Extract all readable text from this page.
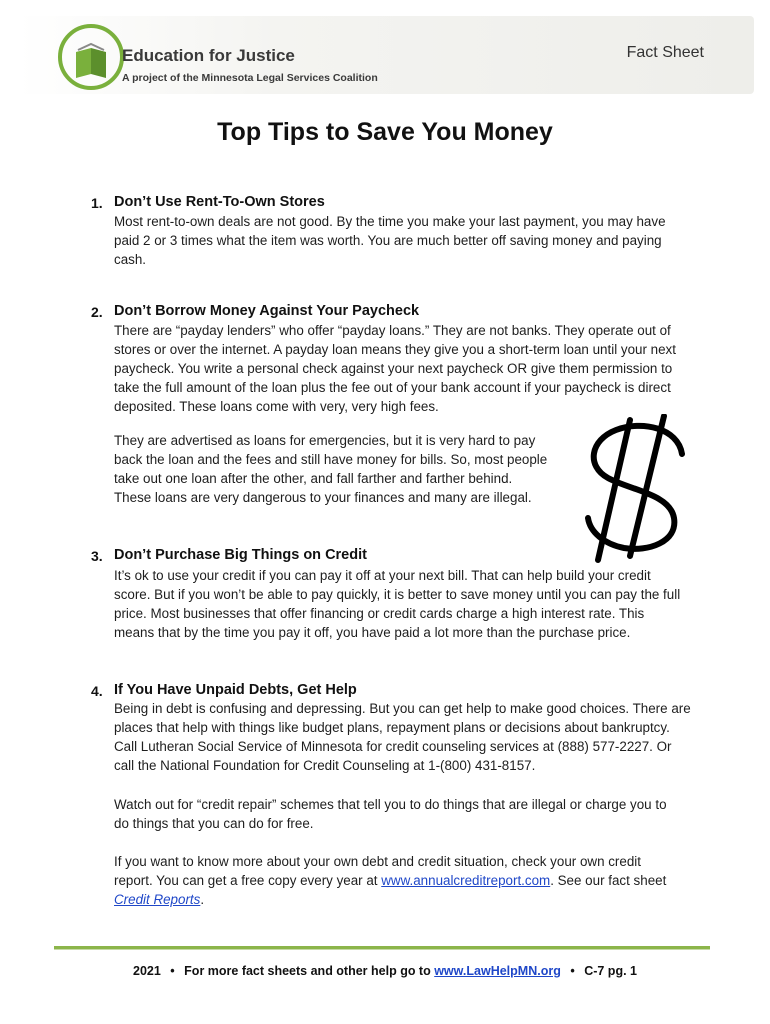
Education for Justice
A project of the Minnesota Legal Services Coalition
Fact Sheet
Top Tips to Save You Money
1. Don’t Use Rent-To-Own Stores
Most rent-to-own deals are not good. By the time you make your last payment, you may have
paid 2 or 3 times what the item was worth. You are much better off saving money and paying
cash.
2. Don’t Borrow Money Against Your Paycheck
There are “payday lenders” who offer “payday loans.” They are not banks. They operate out of
stores or over the internet. A payday loan means they give you a short-term loan until your next
paycheck. You write a personal check against your next paycheck OR give them permission to
take the full amount of the loan plus the fee out of your bank account if your paycheck is direct
deposited. These loans come with very, very high fees.
They are advertised as loans for emergencies, but it is very hard to pay
back the loan and the fees and still have money for bills. So, most people
take out one loan after the other, and fall farther and farther behind.
These loans are very dangerous to your finances and many are illegal.
3. Don’t Purchase Big Things on Credit
It’s ok to use your credit if you can pay it off at your next bill. That can help build your credit
score. But if you won’t be able to pay quickly, it is better to save money until you can pay the full
price. Most businesses that offer financing or credit cards charge a high interest rate. This
means that by the time you pay it off, you have paid a lot more than the purchase price.
4. If You Have Unpaid Debts, Get Help
Being in debt is confusing and depressing. But you can get help to make good choices. There are
places that help with things like budget plans, repayment plans or decisions about bankruptcy.
Call Lutheran Social Service of Minnesota for credit counseling services at (888) 577-2227. Or
call the National Foundation for Credit Counseling at 1-(800) 431-8157.
Watch out for “credit repair” schemes that tell you to do things that are illegal or charge you to
do things that you can do for free.
If you want to know more about your own debt and credit situation, check your own credit
report. You can get a free copy every year at www.annualcreditreport.com. See our fact sheet
Credit Reports.
2021 • For more fact sheets and other help go to www.LawHelpMN.org • C-7 pg. 1
